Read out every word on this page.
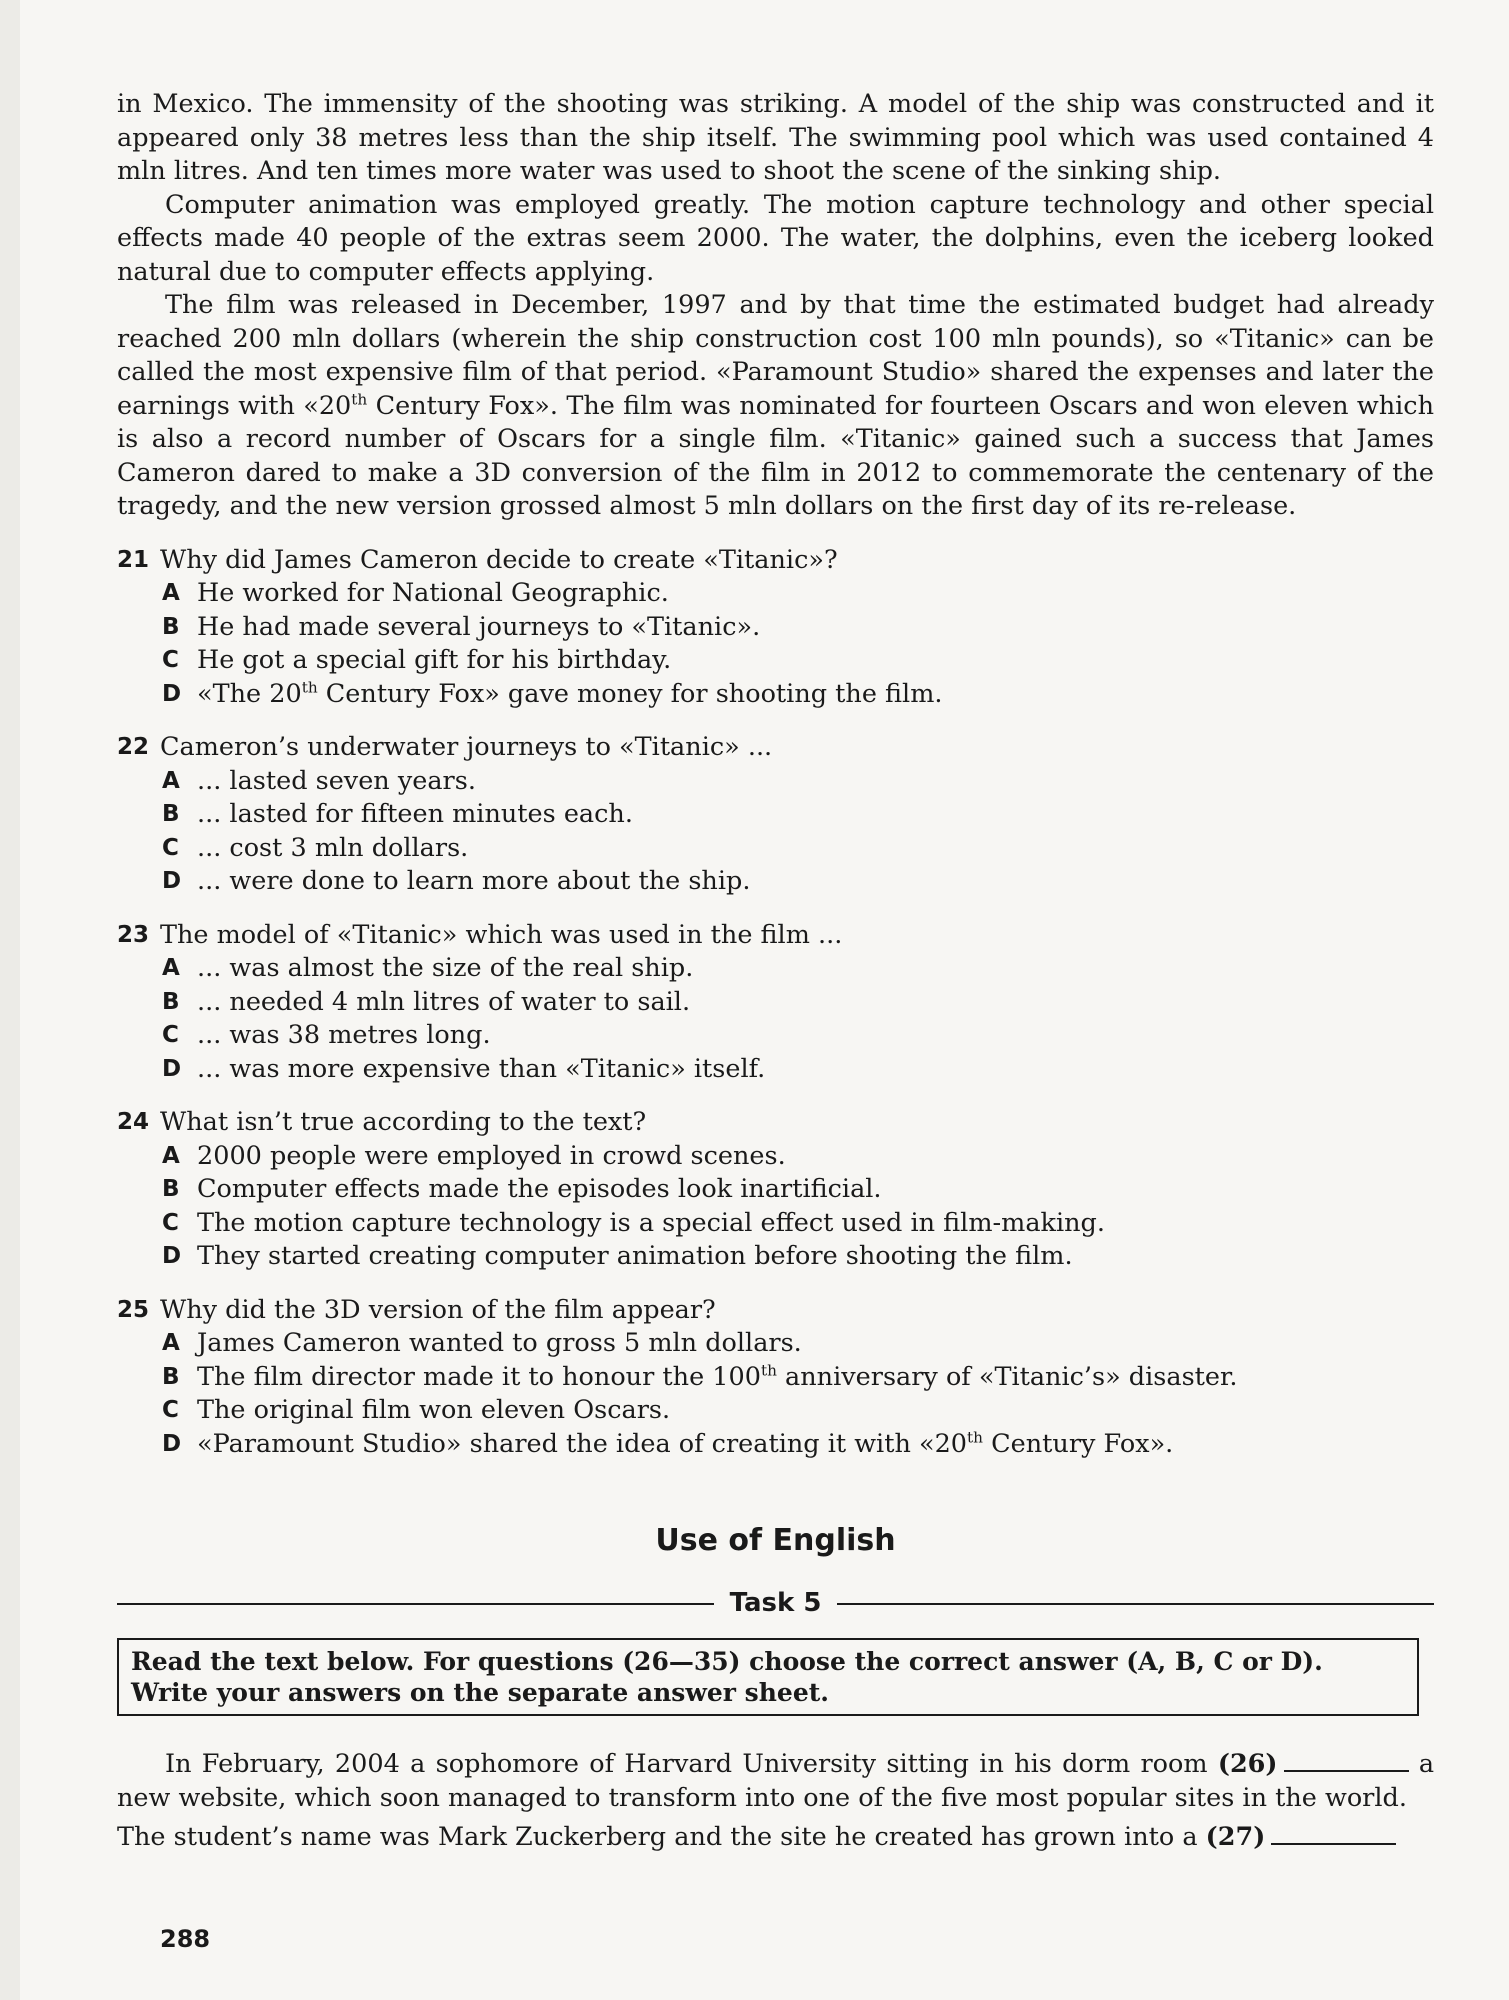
in Mexico. The immensity of the shooting was striking. A model of the ship was constructed and it appeared only 38 metres less than the ship itself. The swimming pool which was used contained 4 mln litres. And ten times more water was used to shoot the scene of the sinking ship.

Computer animation was employed greatly. The motion capture technology and other special effects made 40 people of the extras seem 2000. The water, the dolphins, even the iceberg looked natural due to computer effects applying.

The film was released in December, 1997 and by that time the estimated budget had already reached 200 mln dollars (wherein the ship construction cost 100 mln pounds), so «Titanic» can be called the most expensive film of that period. «Paramount Studio» shared the expenses and later the earnings with «20th Century Fox». The film was nominated for fourteen Oscars and won eleven which is also a record number of Oscars for a single film. «Titanic» gained such a success that James Cameron dared to make a 3D conversion of the film in 2012 to commemorate the centenary of the tragedy, and the new version grossed almost 5 mln dollars on the first day of its re-release.

21 Why did James Cameron decide to create «Titanic»?
A He worked for National Geographic.
B He had made several journeys to «Titanic».
C He got a special gift for his birthday.
D «The 20th Century Fox» gave money for shooting the film.
22 Cameron’s underwater journeys to «Titanic» ...
A ... lasted seven years.
B ... lasted for fifteen minutes each.
C ... cost 3 mln dollars.
D ... were done to learn more about the ship.
23 The model of «Titanic» which was used in the film ...
A ... was almost the size of the real ship.
B ... needed 4 mln litres of water to sail.
C ... was 38 metres long.
D ... was more expensive than «Titanic» itself.
24 What isn’t true according to the text?
A 2000 people were employed in crowd scenes.
B Computer effects made the episodes look inartificial.
C The motion capture technology is a special effect used in film-making.
D They started creating computer animation before shooting the film.
25 Why did the 3D version of the film appear?
A James Cameron wanted to gross 5 mln dollars.
B The film director made it to honour the 100th anniversary of «Titanic’s» disaster.
C The original film won eleven Oscars.
D «Paramount Studio» shared the idea of creating it with «20th Century Fox».
Use of English
Task 5
Read the text below. For questions (26—35) choose the correct answer (A, B, C or D). Write your answers on the separate answer sheet.

In February, 2004 a sophomore of Harvard University sitting in his dorm room (26)	a new website, which soon managed to transform into one of the five most popular sites in the world.

The student’s name was Mark Zuckerberg and the site he created has grown into a (27)

288
